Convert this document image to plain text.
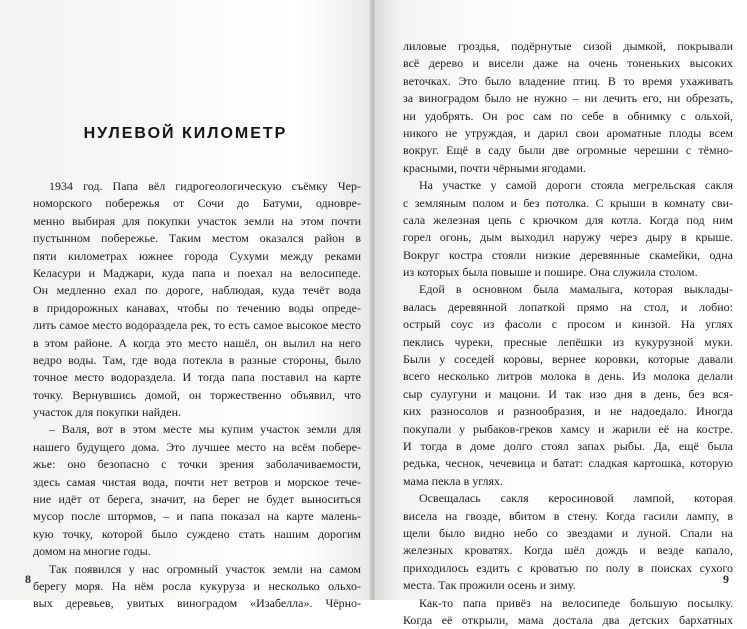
НУЛЕВОЙ КИЛОМЕТР
1934 год. Папа вёл гидрогеологическую съёмку Чер-
номорского побережья от Сочи до Батуми, одновре-
менно выбирая для покупки участок земли на этом почти
пустынном побережье. Таким местом оказался район в
пяти километрах южнее города Сухуми между реками
Келасури и Маджари, куда папа и поехал на велосипеде.
Он медленно ехал по дороге, наблюдая, куда течёт вода
в придорожных канавах, чтобы по течению воды опреде-
лить самое место водораздела рек, то есть самое высокое место
в этом районе. А когда это место нашёл, он вылил на него
ведро воды. Там, где вода потекла в разные стороны, было
точное место водораздела. И тогда папа поставил на карте
точку. Вернувшись домой, он торжественно объявил, что
участок для покупки найден.
– Валя, вот в этом месте мы купим участок земли для
нашего будущего дома. Это лучшее место на всём побере-
жье: оно безопасно с точки зрения заболачиваемости,
здесь самая чистая вода, почти нет ветров и морское тече-
ние идёт от берега, значит, на берег не будет выноситься
мусор после штормов, – и папа показал на карте малень-
кую точку, которой было суждено стать нашим дорогим
домом на многие годы.
Так появился у нас огромный участок земли на самом
берегу моря. На нём росла кукуруза и несколько ольхо-
вых деревьев, увитых виноградом «Изабелла». Чёрно-
8
лиловые гроздья, подёрнутые сизой дымкой, покрывали
всё дерево и висели даже на очень тоненьких высоких
веточках. Это было владение птиц. В то время ухаживать
за виноградом было не нужно – ни лечить его, ни обрезать,
ни удобрять. Он рос сам по себе в обнимку с ольхой,
никого не утруждая, и дарил свои ароматные плоды всем
вокруг. Ещё в саду были две огромные черешни с тёмно-
красными, почти чёрными ягодами.
На участке у самой дороги стояла мегрельская сакля
с земляным полом и без потолка. С крыши в комнату сви-
сала железная цепь с крючком для котла. Когда под ним
горел огонь, дым выходил наружу через дыру в крыше.
Вокруг костра стояли низкие деревянные скамейки, одна
из которых была повыше и пошире. Она служила столом.
Едой в основном была мамалыга, которая выклады-
валась деревянной лопаткой прямо на стол, и лобио:
острый соус из фасоли с просом и кинзой. На углях
пеклись чуреки, пресные лепёшки из кукурузной муки.
Были у соседей коровы, вернее коровки, которые давали
всего несколько литров молока в день. Из молока делали
сыр сулугуни и мацони. И так изо дня в день, без вся-
ких разносолов и разнообразия, и не надоедало. Иногда
покупали у рыбаков-греков хамсу и жарили её на костре.
И тогда в доме долго стоял запах рыбы. Да, ещё была
редька, чеснок, чечевица и батат: сладкая картошка, которую
мама пекла в углях.
Освещалась сакля керосиновой лампой, которая
висела на гвозде, вбитом в стену. Когда гасили лампу, в
щели было видно небо со звездами и луной. Спали на
железных кроватях. Когда шёл дождь и везде капало,
приходилось ездить с кроватью по полу в поисках сухого
места. Так прожили осень и зиму.
Как-то папа привёз на велосипеде большую посылку.
Когда её открыли, мама достала два детских бархатных
9
